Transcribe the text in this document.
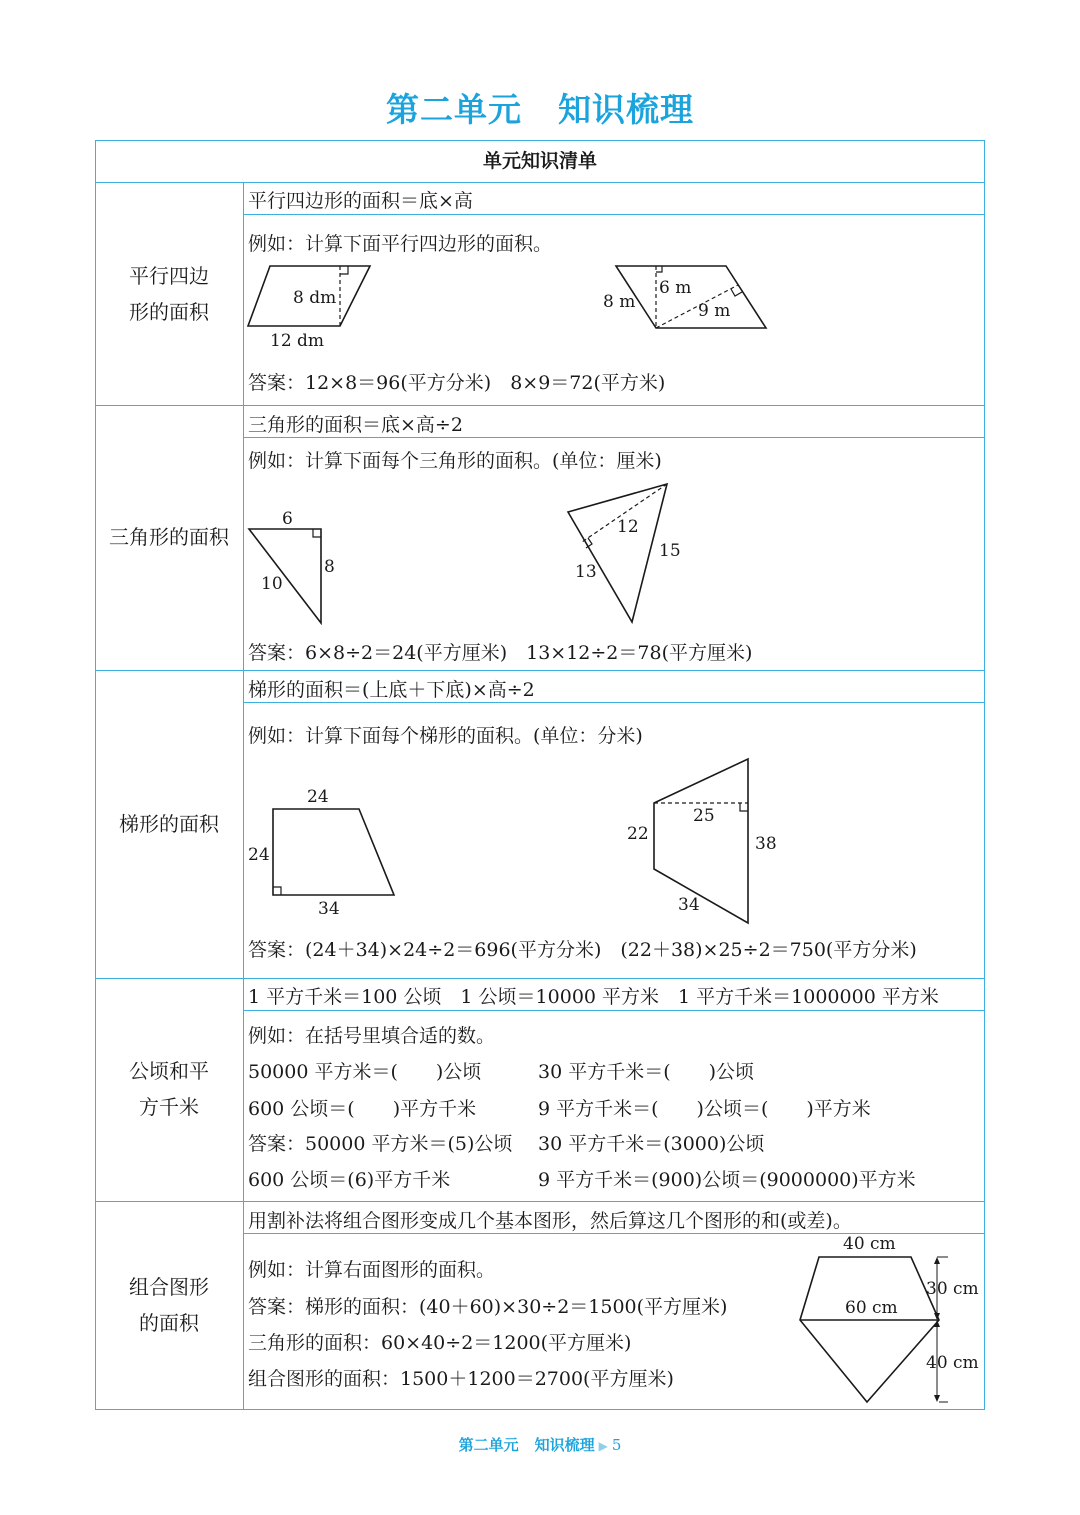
第二单元 知识梳理
单元知识清单
平行四边
形的面积
平行四边形的面积＝底×高
例如：计算下面平行四边形的面积。
8 dm
12 dm
6 m
8 m	9 m
答案：12×8＝96(平方分米)　8×9＝72(平方米)
三角形的面积
三角形的面积＝底×高÷2
例如：计算下面每个三角形的面积。(单位：厘米)
6
8
10
12
15
13
答案：6×8÷2＝24(平方厘米)　13×12÷2＝78(平方厘米)
梯形的面积
梯形的面积＝(上底＋下底)×高÷2
例如：计算下面每个梯形的面积。(单位：分米)
24
24
34
25
22	38
34
答案：(24＋34)×24÷2＝696(平方分米)　(22＋38)×25÷2＝750(平方分米)
公顷和平
方千米
1 平方千米＝100 公顷　1 公顷＝10000 平方米　1 平方千米＝1000000 平方米
例如：在括号里填合适的数。
50000 平方米＝(　　)公顷	30 平方千米＝(　　)公顷
600 公顷＝(　　)平方千米	9 平方千米＝(　　)公顷＝(　　)平方米
答案：50000 平方米＝(5)公顷 30 平方千米＝(3000)公顷
600 公顷＝(6)平方千米	9 平方千米＝(900)公顷＝(9000000)平方米
组合图形
的面积
用割补法将组合图形变成几个基本图形，然后算这几个图形的和(或差)。
例如：计算右面图形的面积。
答案：梯形的面积：(40＋60)×30÷2＝1500(平方厘米)
三角形的面积：60×40÷2＝1200(平方厘米)
组合图形的面积：1500＋1200＝2700(平方厘米)
40 cm
60 cm
30 cm
40 cm
第二单元 知识梳理 ▶ 5
